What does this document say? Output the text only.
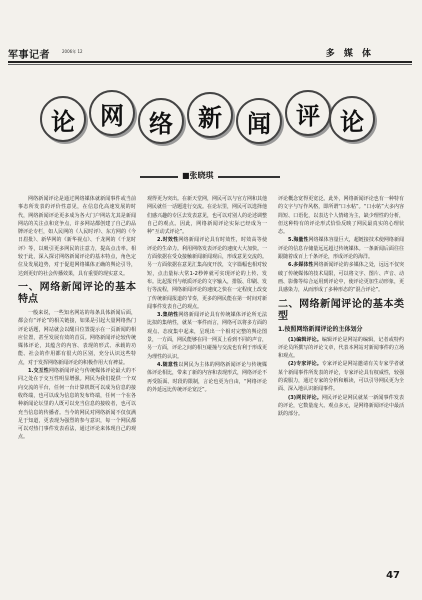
军事记者	2006年 12	多 媒 体
论	网	络	新	闻	评 论
■张晓琪

网络新闻评论是通过网络媒体就新闻事件或当前事态所发表的评价性意见，在信息化高速发展的时代，网络新闻评论更多成为各大门户网站尤其是新闻网站的关注点和竞争点，许多网站都创建了自己的品牌评论专栏，如人民网的《人民时评》、东方网的《今日眉批》、新华网的《新华视点》、千龙网的《千龙时评》等，以吸引更多网民的注意力，提高点击率。相较于此，深入探讨网络新闻评论的基本特点，角色定位及发展趋势，对于促进网络媒体正确的舆论引导，达到更好的社会传播效果，具有重要的现实意义。

一、网络新闻评论的基本特点

一般来说，一些知名网站的每条具体新闻后面，都会有“评论”的相关链接，如果是引起大量网络热门评论话题，网站就会以醒目位置提示在一页新闻的相应位置，甚至发展有效的首页。网络新闻评论较传统媒体评论，其蕴含的内容、表现的形式、承载的功能、社会的作用都有很大的区别，充分认识这些特点，对于发挥网络新闻评论的积极作用大有裨益。

1.交互性网络新闻评论与传统媒体评论最大的不同之处在于交互性明显增强。网民为我们提供一个双向交流的平台，任何一台计算机既可以成为信息的接收终端，也可以成为信息的发布终端，任何一个在各种新闻论坛里的人既可以充当信息的接收者，也可以充当信息的传播者。当今的网民对网络新闻不仅仅满足于知道，更表现为强烈的参与意识，每一个网民都可以对热门事件发表看法，通过评论来体现自己的观点。

观得更为突出。在新天堂网，网民可以与官方网和其他网民就任一话题进行交流。在论坛里，网民可以选择他们感兴趣的专区去发表意见，也可以对别人的论述调整自己的观点。因此，网络新闻评论实际已经成为一种“互动式评论”。

2.时效性网络新闻评论具有时效性，时效高等使评论的生命力。利用网络发表评论的速度大大加快。一方面依据在受众接触新闻新闻观后，形成意见交流的。另一方面依据在意见汇集高度开放，文字篇幅也相对较短，点击量标大常1-2秒钟就可实现评论的上传、发布。比起报刊与纸质评论的文字输入，排版、印刷、发行等流程，网络新闻评论的速度之快在一定程度上改变了传统新闻报道的节奏，更多的网民能在第一时间对新闻事件发表自己的观点。

3.集纳性网络新闻评论具有传统媒体评论所无法比拟的集纳性，就某一事件而言，网络可以将多方面的观点、态度集中起来，呈现出一个相对完整的舆论图景，一方面，网民能够在同一网页上看到不同的声音，另一方面，评论之间的相互碰撞与交流也有利于形成更为理性的认识。

4.随意性以网民为主体的网络新闻评论与传统媒体评论相比，带来了新的内容和表现形式，网络评论不再受版面、时段的限制，言论也更为自由，“网络评论的外延远比传统评论宽泛”。

评论概念宽得更宽泛。此外，网络新闻评论也有一种特有的文字与写作风格，即所谓“口水帖”。“口水帖”大多内容简短、口语化，以表达个人情绪为主，缺少理性的分析，但这种特有的评论形式恰恰反映了网民最真实的心理状态。

5.海量性网络媒体容量巨大，超链接技术使网络新闻评论的信息存储量远远超过传统媒体。一条新闻后面往往跟随着成百上千条评论，形成评论的海洋。

6.多媒体性网络新闻评论的多媒体之处，远远不仅突破了传统媒体的技术局限，可以将文字、图片、声音、动画、影像等综合运用到评论中，使评论更加生动形象，更具感染力，从而形成了多种形态的“混合评论”。

二、网络新闻评论的基本类型
1.按照网络新闻评论的主体划分

(1)编辑评论。编辑评论是网站的编辑，记者或特约评论员所撰写的评论文章，代表本网站对新闻事件的立场和观点。

(2)专家评论。专家评论是网站邀请有关专家学者就某个新闻事件所发表的评论，专家评论具有权威性，较强的说服力，通过专家的分析和解读，可以引导网民更为全面、深入地认识新闻事件。

(3)网民评论。网民评论是网民就某一新闻事件发表的评论，它数量庞大、观点多元，是网络新闻评论中最活跃的部分。

47
